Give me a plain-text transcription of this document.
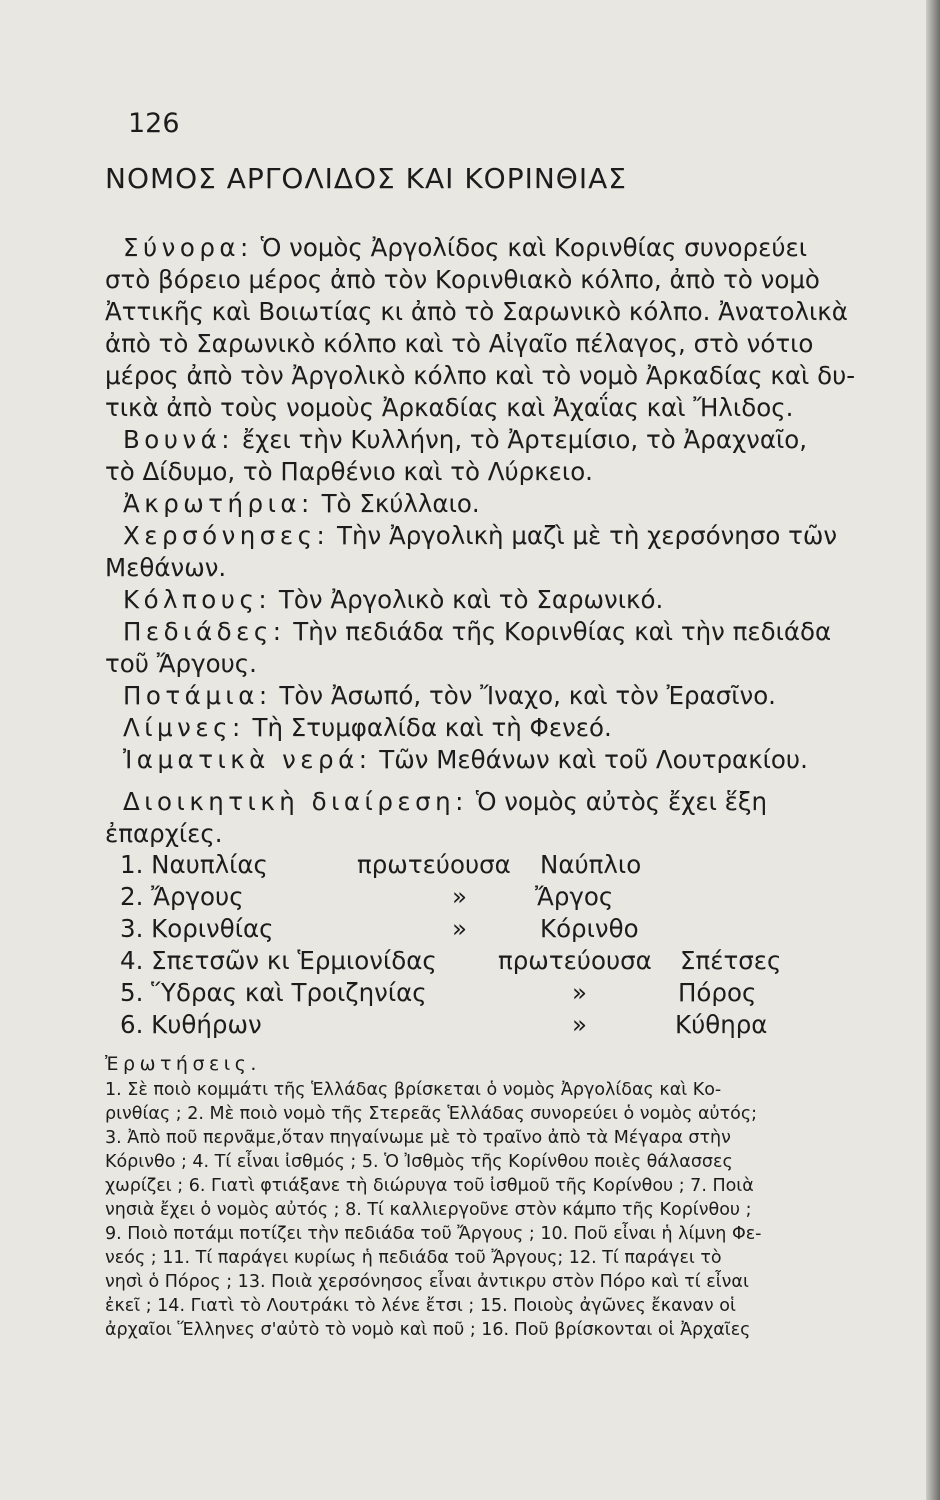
126
ΝΟΜΟΣ ΑΡΓΟΛΙΔΟΣ ΚΑΙ ΚΟΡΙΝΘΙΑΣ
Σύνορα: Ὁ νομὸς Ἀργολίδος καὶ Κορινθίας συνορεύει
στὸ βόρειο μέρος ἀπὸ τὸν Κορινθιακὸ κόλπο, ἀπὸ τὸ νομὸ
Ἀττικῆς καὶ Βοιωτίας κι ἀπὸ τὸ Σαρωνικὸ κόλπο. Ἀνατολικὰ
ἀπὸ τὸ Σαρωνικὸ κόλπο καὶ τὸ Αἰγαῖο πέλαγος, στὸ νότιο
μέρος ἀπὸ τὸν Ἀργολικὸ κόλπο καὶ τὸ νομὸ Ἀρκαδίας καὶ δυ-
τικὰ ἀπὸ τοὺς νομοὺς Ἀρκαδίας καὶ Ἀχαΐας καὶ Ἤλιδος.
Βουνά: ἔχει τὴν Κυλλήνη, τὸ Ἀρτεμίσιο, τὸ Ἀραχναῖο,
τὸ Δίδυμο, τὸ Παρθένιο καὶ τὸ Λύρκειο.
Ἀκρωτήρια: Τὸ Σκύλλαιο.
Χερσόνησες: Τὴν Ἀργολικὴ μαζὶ μὲ τὴ χερσόνησο τῶν
Μεθάνων.
Κόλπους: Τὸν Ἀργολικὸ καὶ τὸ Σαρωνικό.
Πεδιάδες: Τὴν πεδιάδα τῆς Κορινθίας καὶ τὴν πεδιάδα
τοῦ Ἄργους.
Ποτάμια: Τὸν Ἀσωπό, τὸν Ἴναχο, καὶ τὸν Ἐρασῖνο.
Λίμνες: Τὴ Στυμφαλίδα καὶ τὴ Φενεό.
Ἰαματικὰ νερά: Τῶν Μεθάνων καὶ τοῦ Λουτρακίου.
Διοικητικὴ διαίρεση: Ὁ νομὸς αὐτὸς ἔχει ἕξη
ἐπαρχίες.
1. Ναυπλίας	πρωτεύουσα Ναύπλιο
2. Ἄργους	»	Ἄργος
3. Κορινθίας	»	Κόρινθο
4. Σπετσῶν κι Ἑρμιονίδας πρωτεύουσα Σπέτσες
5. Ὕδρας καὶ Τροιζηνίας	»	Πόρος
6. Κυθήρων	»	Κύθηρα
Ἐρωτήσεις.
1. Σὲ ποιὸ κομμάτι τῆς Ἑλλάδας βρίσκεται ὁ νομὸς Ἀργολίδας καὶ Κο-
ρινθίας ; 2. Μὲ ποιὸ νομὸ τῆς Στερεᾶς Ἑλλάδας συνορεύει ὁ νομὸς αὐτός;
3. Ἀπὸ ποῦ περνᾶμε,ὅταν πηγαίνωμε μὲ τὸ τραῖνο ἀπὸ τὰ Μέγαρα στὴν
Κόρινθο ; 4. Τί εἶναι ἰσθμός ; 5. Ὁ Ἰσθμὸς τῆς Κορίνθου ποιὲς θάλασσες
χωρίζει ; 6. Γιατὶ φτιάξανε τὴ διώρυγα τοῦ ἰσθμοῦ τῆς Κορίνθου ; 7. Ποιὰ
νησιὰ ἔχει ὁ νομὸς αὐτός ; 8. Τί καλλιεργοῦνε στὸν κάμπο τῆς Κορίνθου ;
9. Ποιὸ ποτάμι ποτίζει τὴν πεδιάδα τοῦ Ἄργους ; 10. Ποῦ εἶναι ἡ λίμνη Φε-
νεός ; 11. Τί παράγει κυρίως ἡ πεδιάδα τοῦ Ἄργους; 12. Τί παράγει τὸ
νησὶ ὁ Πόρος ; 13. Ποιὰ χερσόνησος εἶναι ἀντικρυ στὸν Πόρο καὶ τί εἶναι
ἐκεῖ ; 14. Γιατὶ τὸ Λουτράκι τὸ λένε ἔτσι ; 15. Ποιοὺς ἀγῶνες ἔκαναν οἱ
ἀρχαῖοι Ἕλληνες σ'αὐτὸ τὸ νομὸ καὶ ποῦ ; 16. Ποῦ βρίσκονται οἱ Ἀρχαῖες
